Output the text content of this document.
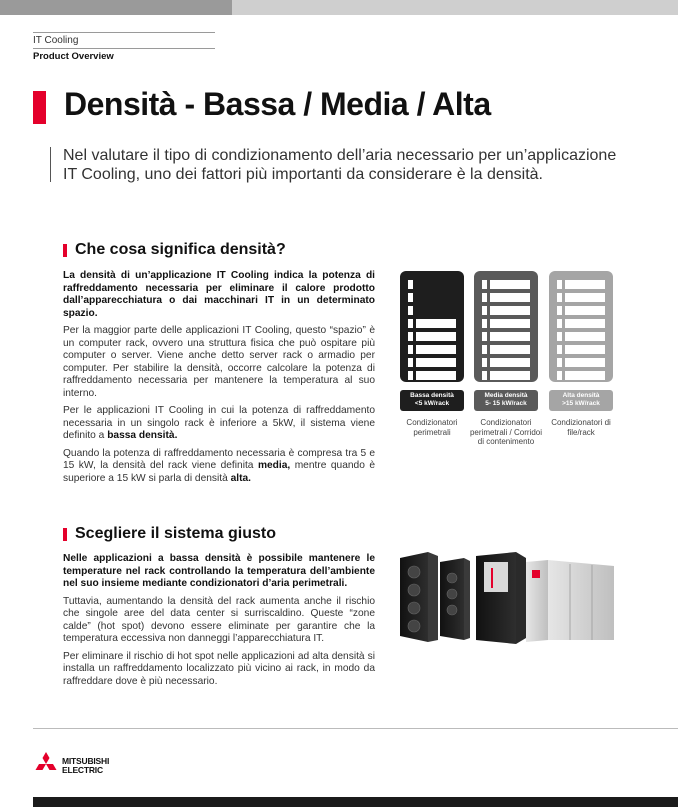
IT Cooling
Product Overview
Densità - Bassa / Media / Alta
Nel valutare il tipo di condizionamento dell’aria necessario per un’applicazione
IT Cooling, uno dei fattori più importanti da considerare è la densità.
Che cosa significa densità?

La densità di un’applicazione IT Cooling indica la potenza di raffreddamento necessaria per eliminare il calore prodotto dall’apparecchiatura o dai macchinari IT in un determinato spazio.

Per la maggior parte delle applicazioni IT Cooling, questo “spazio” è un computer rack, ovvero una struttura fisica che può ospitare più computer o server. Viene anche detto server rack o armadio per computer. Per stabilire la densità, occorre calcolare la potenza di raffreddamento necessaria per mantenere la temperatura al suo interno.

Per le applicazioni IT Cooling in cui la potenza di raffreddamento necessaria in un singolo rack è inferiore a 5kW, il sistema viene definito a bassa densità.

Quando la potenza di raffreddamento necessaria è compresa tra 5 e 15 kW, la densità del rack viene definita media, mentre quando è superiore a 15 kW si parla di densità alta.

Bassa densità
<5 kW/rack
Condizionatori perimetrali
Media densità
5- 15 kW/rack
Condizionatori perimetrali / Corridoi di contenimento
Alta densità
>15 kW/rack
Condizionatori di file/rack
Scegliere il sistema giusto

Nelle applicazioni a bassa densità è possibile mantenere le temperature nel rack controllando la temperatura dell’ambiente nel suo insieme mediante condizionatori d’aria perimetrali.

Tuttavia, aumentando la densità del rack aumenta anche il rischio che singole aree del data center si surriscaldino. Queste “zone calde” (hot spot) devono essere eliminate per garantire che la temperatura eccessiva non danneggi l’apparecchiatura IT.

Per eliminare il rischio di hot spot nelle applicazioni ad alta densità si installa un raffreddamento localizzato più vicino ai rack, in modo da raffreddare dove è più necessario.

MITSUBISHI
ELECTRIC
